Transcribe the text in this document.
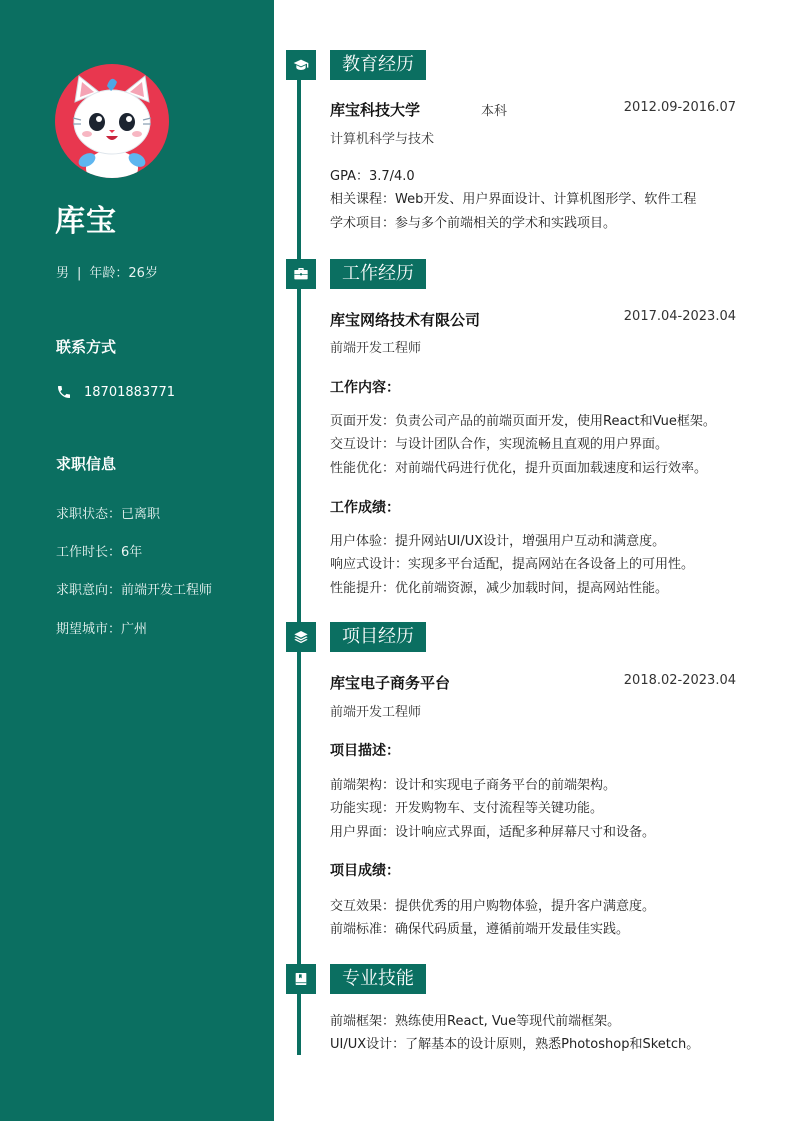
库宝
男 | 年龄：26岁
联系方式
18701883771
求职信息
求职状态：已离职
工作时长：6年
求职意向：前端开发工程师
期望城市：广州
教育经历
库宝科技大学	本科	2012.09-2016.07
计算机科学与技术
GPA：3.7/4.0
相关课程：Web开发、用户界面设计、计算机图形学、软件工程
学术项目：参与多个前端相关的学术和实践项目。
工作经历
库宝网络技术有限公司	2017.04-2023.04
前端开发工程师
工作内容：
页面开发：负责公司产品的前端页面开发，使用React和Vue框架。
交互设计：与设计团队合作，实现流畅且直观的用户界面。
性能优化：对前端代码进行优化，提升页面加载速度和运行效率。
工作成绩：
用户体验：提升网站UI/UX设计，增强用户互动和满意度。
响应式设计：实现多平台适配，提高网站在各设备上的可用性。
性能提升：优化前端资源，减少加载时间，提高网站性能。
项目经历
库宝电子商务平台	2018.02-2023.04
前端开发工程师
项目描述：
前端架构：设计和实现电子商务平台的前端架构。
功能实现：开发购物车、支付流程等关键功能。
用户界面：设计响应式界面，适配多种屏幕尺寸和设备。
项目成绩：
交互效果：提供优秀的用户购物体验，提升客户满意度。
前端标准：确保代码质量，遵循前端开发最佳实践。
专业技能
前端框架：熟练使用React, Vue等现代前端框架。
UI/UX设计：了解基本的设计原则，熟悉Photoshop和Sketch。
